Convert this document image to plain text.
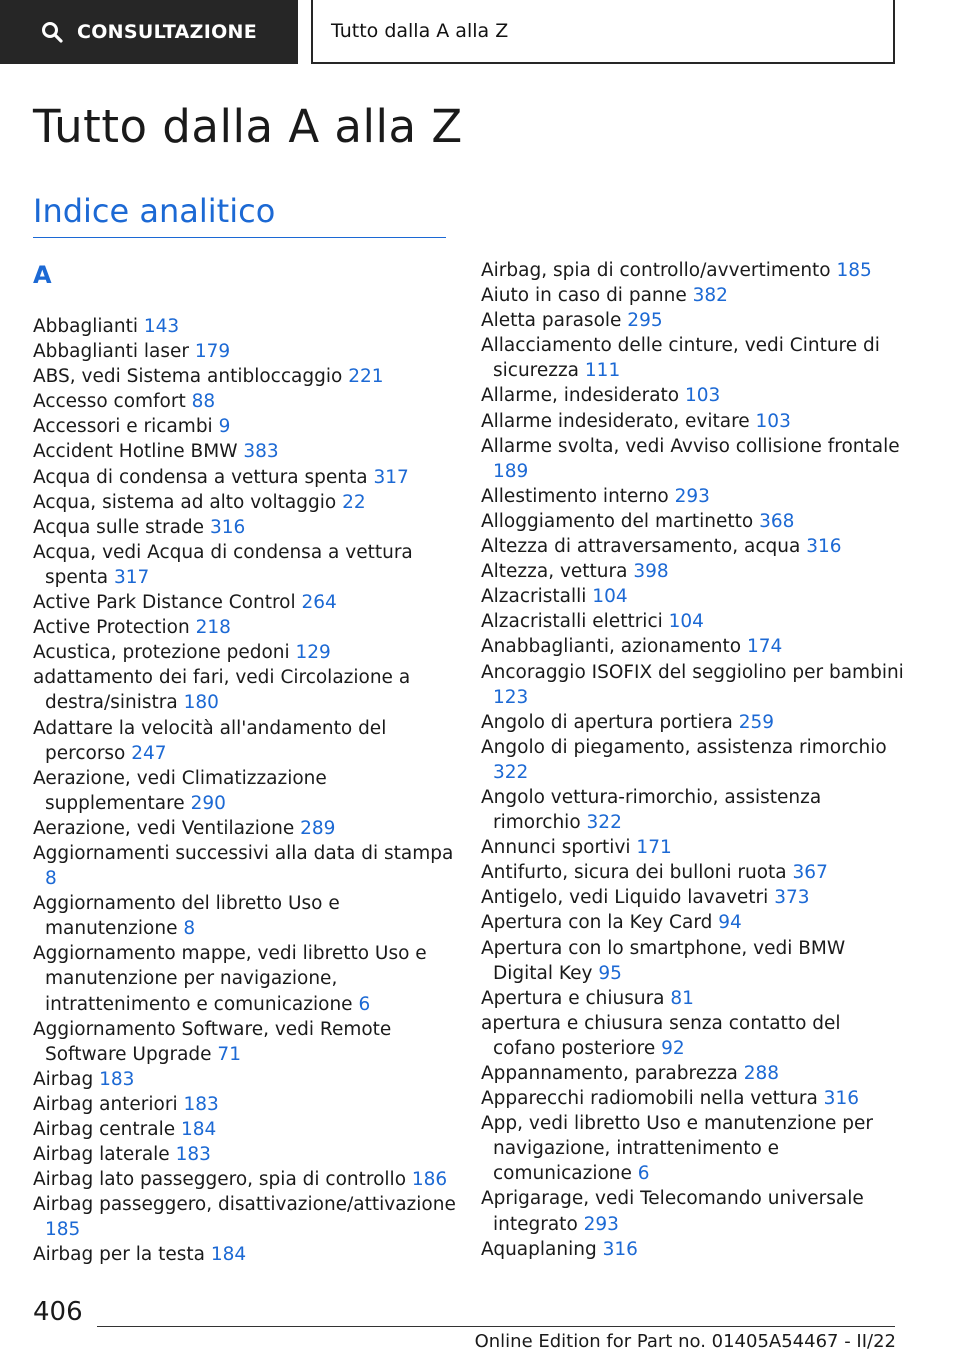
CONSULTAZIONE	Tutto dalla A alla Z
Tutto dalla A alla Z
Indice analitico
A
Abbaglianti 143
Abbaglianti laser 179
ABS, vedi Sistema antibloccaggio 221
Accesso comfort 88
Accessori e ricambi 9
Accident Hotline BMW 383
Acqua di condensa a vettura spenta 317
Acqua, sistema ad alto voltaggio 22
Acqua sulle strade 316
Acqua, vedi Acqua di condensa a vettura spenta 317
Active Park Distance Control 264
Active Protection 218
Acustica, protezione pedoni 129
adattamento dei fari, vedi Circolazione a destra/sinistra 180
Adattare la velocità all'andamento del percorso 247
Aerazione, vedi Climatizzazione supplementare 290
Aerazione, vedi Ventilazione 289
Aggiornamenti successivi alla data di stampa 8
Aggiornamento del libretto Uso e manutenzione 8
Aggiornamento mappe, vedi libretto Uso e manutenzione per navigazione, intrattenimento e comunicazione 6
Aggiornamento Software, vedi Remote Software Upgrade 71
Airbag 183
Airbag anteriori 183
Airbag centrale 184
Airbag laterale 183
Airbag lato passeggero, spia di controllo 186
Airbag passeggero, disattivazione/attivazione 185
Airbag per la testa 184
Airbag, spia di controllo/avvertimento 185
Aiuto in caso di panne 382
Aletta parasole 295
Allacciamento delle cinture, vedi Cinture di sicurezza 111
Allarme, indesiderato 103
Allarme indesiderato, evitare 103
Allarme svolta, vedi Avviso collisione frontale 189
Allestimento interno 293
Alloggiamento del martinetto 368
Altezza di attraversamento, acqua 316
Altezza, vettura 398
Alzacristalli 104
Alzacristalli elettrici 104
Anabbaglianti, azionamento 174
Ancoraggio ISOFIX del seggiolino per bambini 123
Angolo di apertura portiera 259
Angolo di piegamento, assistenza rimorchio 322
Angolo vettura-rimorchio, assistenza rimorchio 322
Annunci sportivi 171
Antifurto, sicura dei bulloni ruota 367
Antigelo, vedi Liquido lavavetri 373
Apertura con la Key Card 94
Apertura con lo smartphone, vedi BMW Digital Key 95
Apertura e chiusura 81
apertura e chiusura senza contatto del cofano posteriore 92
Appannamento, parabrezza 288
Apparecchi radiomobili nella vettura 316
App, vedi libretto Uso e manutenzione per navigazione, intrattenimento e comunicazione 6
Aprigarage, vedi Telecomando universale integrato 293
Aquaplaning 316
406
Online Edition for Part no. 01405A54467 - II/22
